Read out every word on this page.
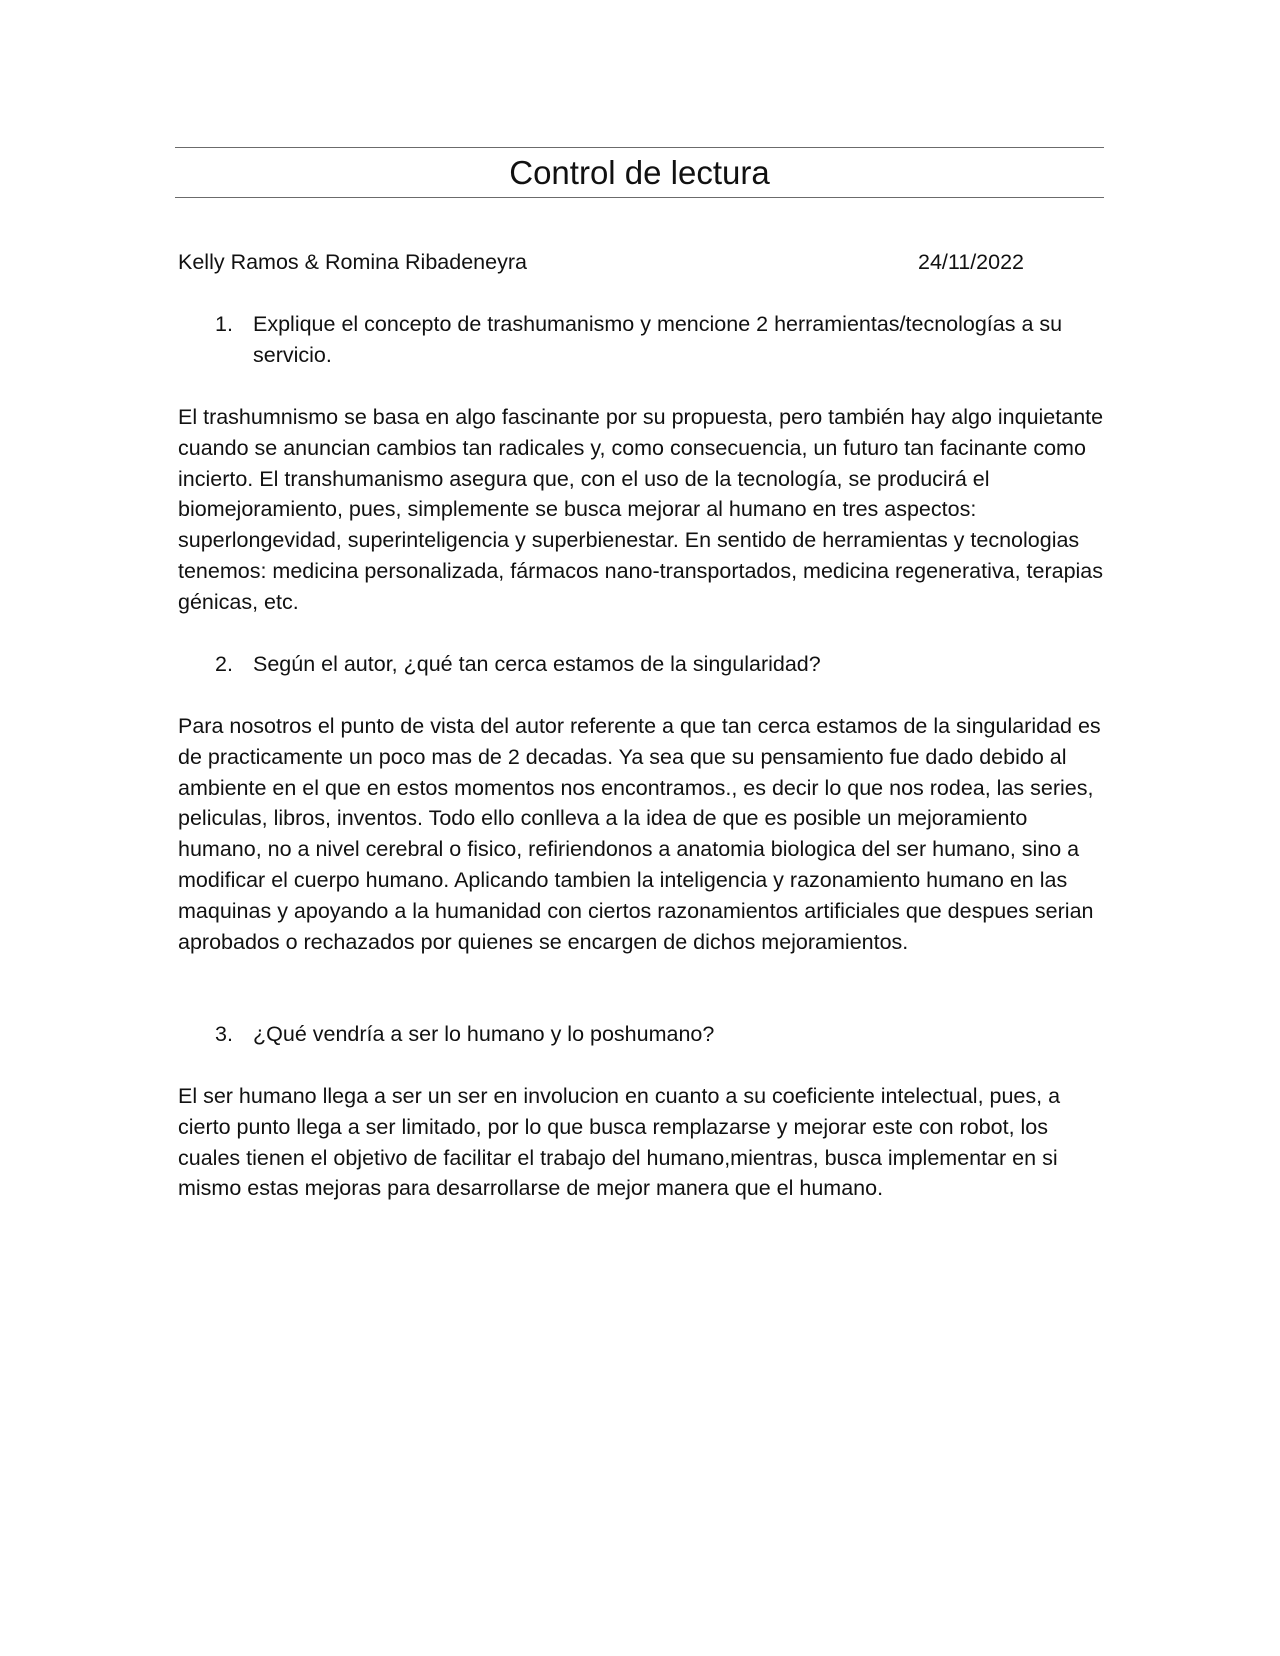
Control de lectura
Kelly Ramos & Romina Ribadeneyra	24/11/2022
1. Explique el concepto de trashumanismo y mencione 2 herramientas/tecnologías a su servicio.

El trashumnismo se basa en algo fascinante por su propuesta, pero también hay algo inquietante cuando se anuncian cambios tan radicales y, como consecuencia, un futuro tan facinante como incierto. El transhumanismo asegura que, con el uso de la tecnología, se producirá el biomejoramiento, pues, simplemente se busca mejorar al humano en tres aspectos: superlongevidad, superinteligencia y superbienestar. En sentido de herramientas y tecnologias tenemos: medicina personalizada, fármacos nano-transportados, medicina regenerativa, terapias génicas, etc.

2. Según el autor, ¿qué tan cerca estamos de la singularidad?

Para nosotros el punto de vista del autor referente a que tan cerca estamos de la singularidad es de practicamente un poco mas de 2 decadas. Ya sea que su pensamiento fue dado debido al ambiente en el que en estos momentos nos encontramos., es decir lo que nos rodea, las series, peliculas, libros, inventos. Todo ello conlleva a la idea de que es posible un mejoramiento humano, no a nivel cerebral o fisico, refiriendonos a anatomia biologica del ser humano, sino a modificar el cuerpo humano. Aplicando tambien la inteligencia y razonamiento humano en las maquinas y apoyando a la humanidad con ciertos razonamientos artificiales que despues serian aprobados o rechazados por quienes se encargen de dichos mejoramientos.

3. ¿Qué vendría a ser lo humano y lo poshumano?

El ser humano llega a ser un ser en involucion en cuanto a su coeficiente intelectual, pues, a cierto punto llega a ser limitado, por lo que busca remplazarse y mejorar este con robot, los cuales tienen el objetivo de facilitar el trabajo del humano,mientras, busca implementar en si mismo estas mejoras para desarrollarse de mejor manera que el humano.
